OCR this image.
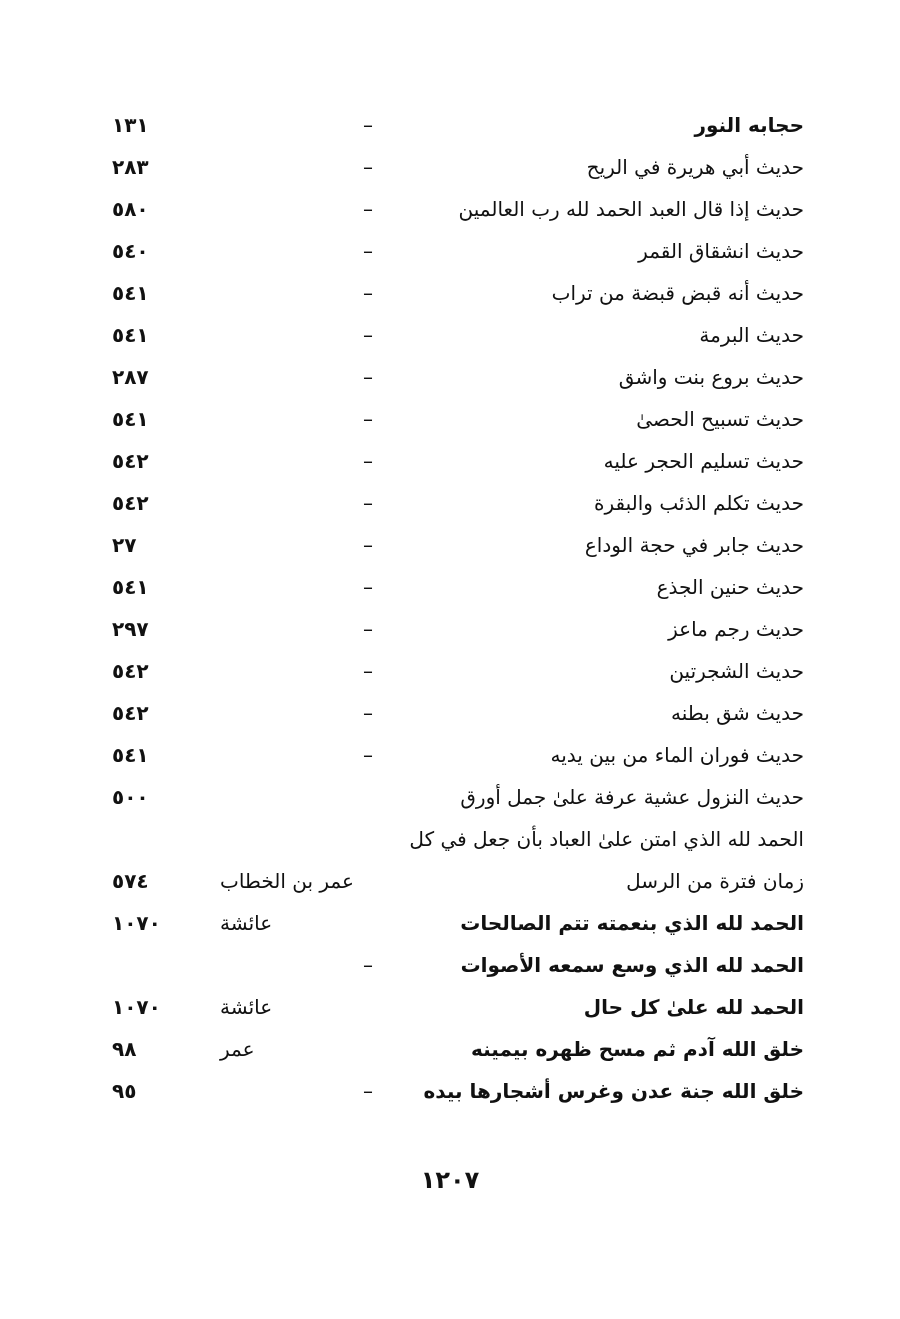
حجابه النور
–
١٣١
حديث أبي هريرة في الريح
–
٢٨٣
حديث إذا قال العبد الحمد لله رب العالمين
–
٥٨٠
حديث انشقاق القمر
–
٥٤٠
حديث أنه قبض قبضة من تراب
–
٥٤١
حديث البرمة
–
٥٤١
حديث بروع بنت واشق
–
٢٨٧
حديث تسبيح الحصىٰ
–
٥٤١
حديث تسليم الحجر عليه
–
٥٤٢
حديث تكلم الذئب والبقرة
–
٥٤٢
حديث جابر في حجة الوداع
–
٢٧
حديث حنين الجذع
–
٥٤١
حديث رجم ماعز
–
٢٩٧
حديث الشجرتين
–
٥٤٢
حديث شق بطنه
–
٥٤٢
حديث فوران الماء من بين يديه
–
٥٤١
حديث النزول عشية عرفة علىٰ جمل أورق
٥٠٠
الحمد لله الذي امتن علىٰ العباد بأن جعل في كل
زمان فترة من الرسل
عمر بن الخطاب
٥٧٤
الحمد لله الذي بنعمته تتم الصالحات
عائشة
١٠٧٠
الحمد لله الذي وسع سمعه الأصوات
–
الحمد لله علىٰ كل حال
عائشة
١٠٧٠
خلق الله آدم ثم مسح ظهره بيمينه
عمر
٩٨
خلق الله جنة عدن وغرس أشجارها بيده
–
٩٥
١٢٠٧
